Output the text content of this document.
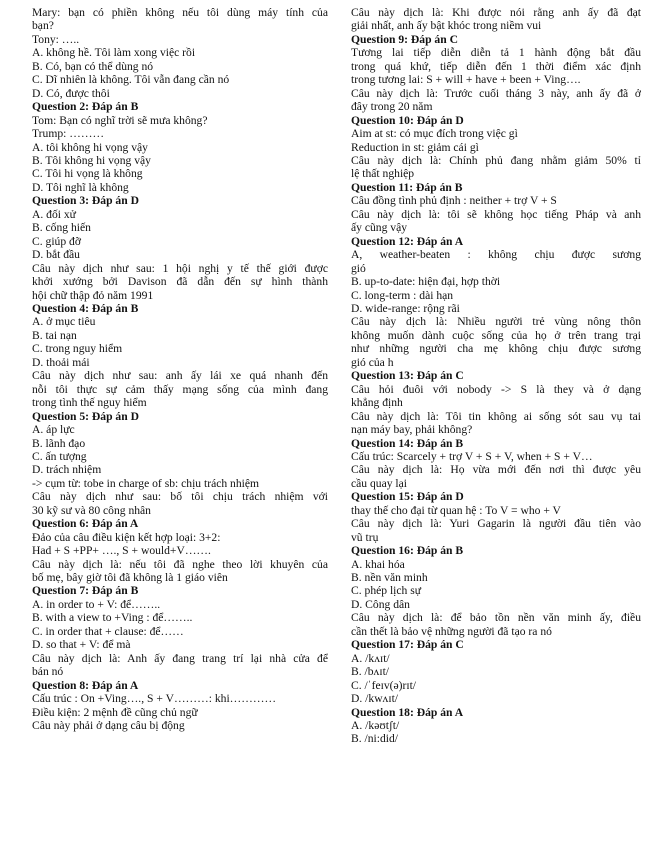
Mary: bạn có phiền không nếu tôi dùng máy tính của
bạn?
Tony: …..
A. không hề. Tôi làm xong việc rồi
B. Có, bạn có thể dùng nó
C. Dĩ nhiên là không. Tôi vẫn đang cần nó
D. Có, được thôi
Question 2: Đáp án B
Tom: Bạn có nghĩ trời sẽ mưa không?
Trump: ………
A. tôi không hi vọng vậy
B. Tôi không hi vọng vậy
C. Tôi hi vọng là không
D. Tôi nghĩ là không
Question 3: Đáp án D
A. đối xử
B. cống hiến
C. giúp đỡ
D. bắt đầu
Câu này dịch như sau: 1 hội nghị y tế thế giới được
khởi xướng bởi Davison đã dẫn đến sự hình thành
hội chữ thập đỏ năm 1991
Question 4: Đáp án B
A. ở mục tiêu
B. tai nạn
C. trong nguy hiểm
D. thoải mái
Câu này dịch như sau: anh ấy lái xe quá nhanh đến
nỗi tôi thực sự cảm thấy mạng sống của mình đang
trong tình thế nguy hiểm
Question 5: Đáp án D
A. áp lực
B. lãnh đạo
C. ấn tượng
D. trách nhiệm
-> cụm từ: tobe in charge of sb: chịu trách nhiệm
Câu này dịch như sau: bố tôi chịu trách nhiệm với
30 kỹ sư và 80 công nhân
Question 6: Đáp án A
Đảo của câu điều kiện kết hợp loại: 3+2:
Had + S +PP+ …., S + would+V…….
Câu này dịch là: nếu tôi đã nghe theo lời khuyên của
bố mẹ, bây giờ tôi đã không là 1 giáo viên
Question 7: Đáp án B
A. in order to + V: để……..
B. with a view to +Ving : để……..
C. in order that + clause: để……
D. so that + V: để mà
Câu này dịch là: Anh ấy đang trang trí lại nhà cửa để
bán nó
Question 8: Đáp án A
Cấu trúc : On +Ving…., S + V………: khi…………
Điều kiện: 2 mệnh đề cũng chủ ngữ
Câu này phải ở dạng câu bị động
Câu này dịch là: Khi được nói rằng anh ấy đã đạt
giải nhất, anh ấy bật khóc trong niềm vui
Question 9: Đáp án C
Tương lai tiếp diễn diễn tả 1 hành động bắt đầu
trong quá khứ, tiếp diễn đến 1 thời điểm xác định
trong tương lai: S + will + have + been + Ving….
Câu này dịch là: Trước cuối tháng 3 này, anh ấy đã ở
đây trong 20 năm
Question 10: Đáp án D
Aim at st: có mục đích trong việc gì
Reduction in st: giảm cái gì
Câu này dịch là: Chính phủ đang nhằm giảm 50% tỉ
lệ thất nghiệp
Question 11: Đáp án B
Câu đồng tình phủ định : neither + trợ V + S
Câu này dịch là: tôi sẽ không học tiếng Pháp và anh
ấy cũng vậy
Question 12: Đáp án A
A, weather-beaten : không chịu được sương
gió
B. up-to-date: hiện đại, hợp thời
C. long-term : dài hạn
D. wide-range: rộng rãi
Câu này dịch là: Nhiều người trẻ vùng nông thôn
không muốn dành cuộc sống của họ ở trên trang trại
như những người cha mẹ không chịu được sương
gió của h
Question 13: Đáp án C
Câu hỏi đuôi với nobody -> S là they và ở dạng
khẳng định
Câu này dịch là: Tôi tin không ai sống sót sau vụ tai
nạn máy bay, phải không?
Question 14: Đáp án B
Cấu trúc: Scarcely + trợ V + S + V, when + S + V…
Câu này dịch là: Họ vừa mới đến nơi thì được yêu
cầu quay lại
Question 15: Đáp án D
thay thế cho đại từ quan hệ : To V = who + V
Câu này dịch là: Yuri Gagarin là người đầu tiên vào
vũ trụ
Question 16: Đáp án B
A. khai hóa
B. nền văn minh
C. phép lịch sự
D. Công dân
Câu này dịch là: để bảo tồn nền văn minh ấy, điều
cần thết là bảo vệ những người đã tạo ra nó
Question 17: Đáp án C
A. /kʌɪt/
B. /bʌɪt/
C. /ˈfeɪv(ə)rɪt/
D. /kwʌɪt/
Question 18: Đáp án A
A. /kəʊtʃt/
B. /ni:did/
